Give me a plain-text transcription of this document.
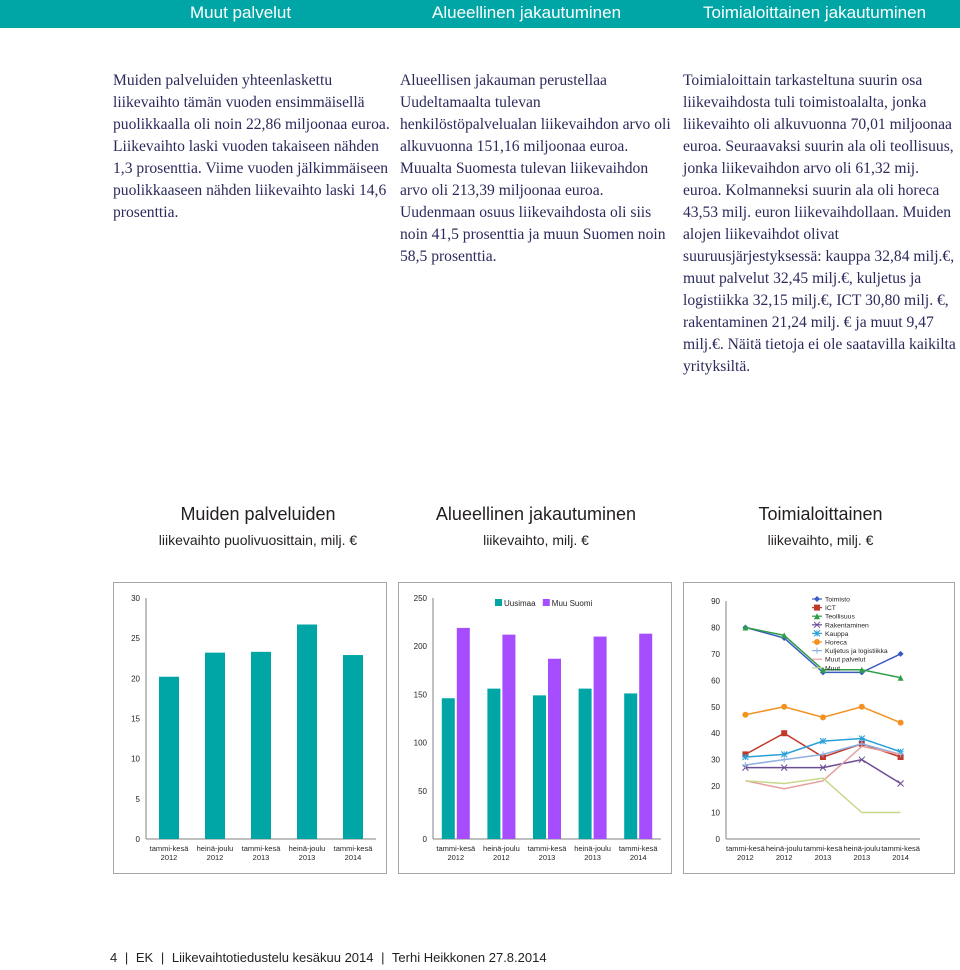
Muut palvelut	Alueellinen jakautuminen	Toimialoittainen jakautuminen
Muiden palveluiden yhteenlaskettu liikevaihto tämän vuoden ensimmäisellä puolikkaalla oli noin 22,86 miljoonaa euroa. Liikevaihto laski vuoden takaiseen nähden 1,3 prosenttia. Viime vuoden jälkimmäiseen puolikkaaseen nähden liikevaihto laski 14,6 prosenttia.
Alueellisen jakauman perustellaa Uudeltamaalta tulevan henkilöstöpalvelualan liikevaihdon arvo oli alkuvuonna 151,16 miljoonaa euroa. Muualta Suomesta tulevan liikevaihdon arvo oli 213,39 miljoonaa euroa. Uudenmaan osuus liikevaihdosta oli siis noin 41,5 prosenttia ja muun Suomen noin 58,5 prosenttia.
Toimialoittain tarkasteltuna suurin osa liikevaihdosta tuli toimistoalalta, jonka liikevaihto oli alkuvuonna 70,01 miljoonaa euroa. Seuraavaksi suurin ala oli teollisuus, jonka liikevaihdon arvo oli 61,32 mij. euroa. Kolmanneksi suurin ala oli horeca 43,53 milj. euron liikevaihdollaan. Muiden alojen liikevaihdot olivat suuruusjärjestyksessä: kauppa 32,84 milj.€, muut palvelut 32,45 milj.€, kuljetus ja logistiikka 32,15 milj.€, ICT 30,80 milj. €, rakentaminen 21,24 milj. € ja muut 9,47 milj.€. Näitä tietoja ei ole saatavilla kaikilta yrityksiltä.
Muiden palveluiden
liikevaihto puolivuosittain, milj. €
Alueellinen jakautuminen
liikevaihto, milj. €
Toimialoittainen
liikevaihto, milj. €
0
5
10
15
20
25
30
tammi-kesä
2012
heinä-joulu
2012
tammi-kesä
2013
heinä-joulu
2013
tammi-kesä
2014
0
50
100
150
200
250
tammi-kesä
2012
heinä-joulu
2012
tammi-kesä
2013
heinä-joulu
2013
tammi-kesä
2014
Uusimaa Muu Suomi
0
10
20
30
40
50
60
70
80
90
tammi-kesä
2012
heinä-joulu
2012
tammi-kesä
2013
heinä-joulu
2013
tammi-kesä
2014
Toimisto
ICT
Teollisuus
Rakentaminen
Kauppa
Horeca
Kuljetus ja logistiikka
Muut palvelut
Muut
4 | EK | Liikevaihtotiedustelu kesäkuu 2014 | Terhi Heikkonen 27.8.2014
